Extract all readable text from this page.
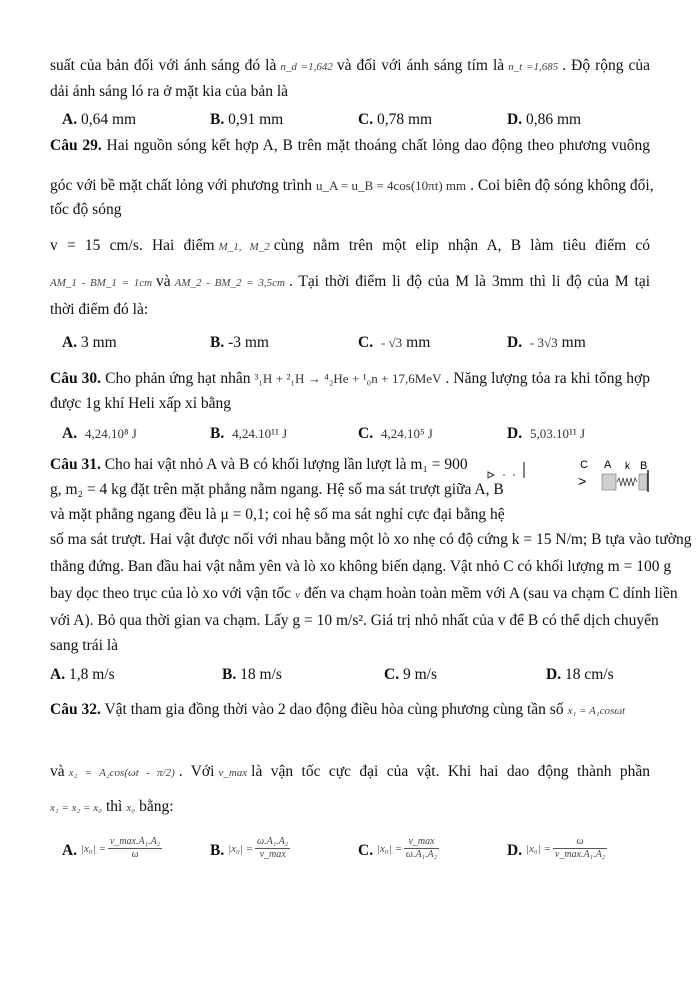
suất của bản đối với ánh sáng đó là n_d =1,642 và đối với ánh sáng tím là n_t =1,685 . Độ rộng của
dải ánh sáng ló ra ở mặt kia của bản là
A. 0,64 mm	B. 0,91 mm	C. 0,78 mm	D. 0,86 mm
Câu 29. Hai nguồn sóng kết hợp A, B trên mặt thoáng chất lỏng dao động theo phương vuông
góc với bề mặt chất lỏng với phương trình u_A = u_B = 4cos(10πt) mm . Coi biên độ sóng không đổi,
tốc độ sóng
v = 15 cm/s. Hai điểm M_1, M_2 cùng nằm trên một elip nhận A, B làm tiêu điểm có
AM_1 - BM_1 = 1cm và AM_2 - BM_2 = 3,5cm . Tại thời điểm li độ của M là 3mm thì li độ của M tại
thời điểm đó là:
A. 3 mm	B. -3 mm	C. - √3 mm	D. - 3√3 mm
Câu 30. Cho phản ứng hạt nhân ³₁H + ²₁H → ⁴₂He + ¹₀n + 17,6MeV . Năng lượng tỏa ra khi tổng hợp
được 1g khí Heli xấp xỉ bằng
A. 4,24.10⁸ J	B. 4,24.10¹¹ J	C. 4,24.10⁵ J	D. 5,03.10¹¹ J
Câu 31. Cho hai vật nhỏ A và B có khối lượng lần lượt là m₁ = 900
g, m₂ = 4 kg đặt trên mặt phẳng nằm ngang. Hệ số ma sát trượt giữa A, B
và mặt phẳng ngang đều là μ = 0,1; coi hệ số ma sát nghỉ cực đại bằng hệ
số ma sát trượt. Hai vật được nối với nhau bằng một lò xo nhẹ có độ cứng k = 15 N/m; B tựa vào tường
thẳng đứng. Ban đầu hai vật nằm yên và lò xo không biến dạng. Vật nhỏ C có khối lượng m = 100 g
bay dọc theo trục của lò xo với vận tốc v đến va chạm hoàn toàn mềm với A (sau va chạm C dính liền
với A). Bỏ qua thời gian va chạm. Lấy g = 10 m/s². Giá trị nhỏ nhất của v để B có thể dịch chuyển
sang trái là
C A k B
>
A. 1,8 m/s	B. 18 m/s	C. 9 m/s	D. 18 cm/s
Câu 32. Vật tham gia đồng thời vào 2 dao động điều hòa cùng phương cùng tần số x₁ = A₁cosωt
và x₂ = A₂cos(ωt - π/2) . Với v_max là vận tốc cực đại của vật. Khi hai dao động thành phần
x₁ = x₂ = x₀ thì x₀ bằng:
A. $|x_0| = \frac{\text{v\_max.A₁.A₂}}{\omega}$	B. $|x_0| = \frac{\text{ω.A₁.A₂}}{v\_\max}$	C. $|x_0| = \frac{v\_\max}{\text{ω.A₁.A₂}}$	D. $|x_0| = \frac{\omega}{\text{v\_max.A₁.A₂}}$
